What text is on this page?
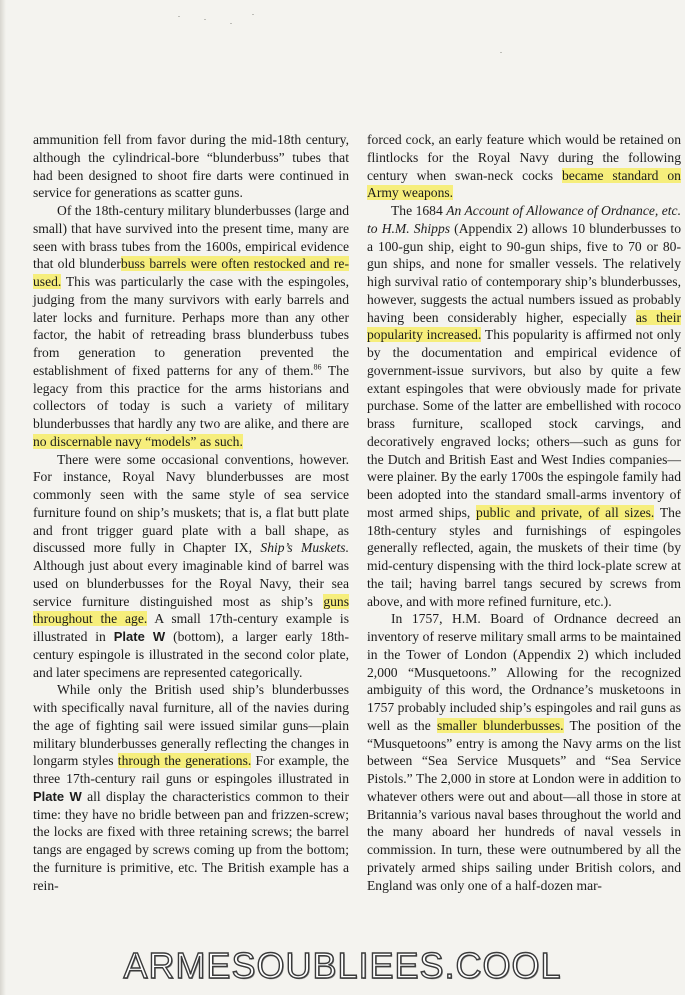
ammunition fell from favor during the mid-18th century, although the cylindrical-bore “blunderbuss” tubes that had been designed to shoot fire darts were continued in service for generations as scatter guns.

Of the 18th-century military blunderbusses (large and small) that have survived into the present time, many are seen with brass tubes from the 1600s, empirical evidence that old blunderbuss barrels were often restocked and re-used. This was particularly the case with the espingoles, judging from the many survivors with early barrels and later locks and furniture. Perhaps more than any other factor, the habit of retreading brass blunderbuss tubes from generation to generation prevented the establishment of fixed patterns for any of them.$^{86}$ The legacy from this practice for the arms historians and collectors of today is such a variety of military blunderbusses that hardly any two are alike, and there are no discernable navy “models” as such.

There were some occasional conventions, however. For instance, Royal Navy blunderbusses are most commonly seen with the same style of sea service furniture found on ship’s muskets; that is, a flat butt plate and front trigger guard plate with a ball shape, as discussed more fully in Chapter IX, Ship’s Muskets. Although just about every imaginable kind of barrel was used on blunderbusses for the Royal Navy, their sea service furniture distinguished most as ship’s guns throughout the age. A small 17th-century example is illustrated in Plate W (bottom), a larger early 18th-century espingole is illustrated in the second color plate, and later specimens are represented categorically.

While only the British used ship’s blunderbusses with specifically naval furniture, all of the navies during the age of fighting sail were issued similar guns—plain military blunderbusses generally reflecting the changes in longarm styles through the generations. For example, the three 17th-century rail guns or espingoles illustrated in Plate W all display the characteristics common to their time: they have no bridle between pan and frizzen-screw; the locks are fixed with three retaining screws; the barrel tangs are engaged by screws coming up from the bottom; the furniture is primitive, etc. The British example has a rein-

forced cock, an early feature which would be retained on flintlocks for the Royal Navy during the following century when swan-neck cocks became standard on Army weapons.

The 1684 An Account of Allowance of Ordnance, etc. to H.M. Shipps (Appendix 2) allows 10 blunderbusses to a 100-gun ship, eight to 90-gun ships, five to 70 or 80-gun ships, and none for smaller vessels. The relatively high survival ratio of contemporary ship’s blunderbusses, however, suggests the actual numbers issued as probably having been considerably higher, especially as their popularity increased. This popularity is affirmed not only by the documentation and empirical evidence of government-issue survivors, but also by quite a few extant espingoles that were obviously made for private purchase. Some of the latter are embellished with rococo brass furniture, scalloped stock carvings, and decoratively engraved locks; others—such as guns for the Dutch and British East and West Indies companies—were plainer. By the early 1700s the espingole family had been adopted into the standard small-arms inventory of most armed ships, public and private, of all sizes. The 18th-century styles and furnishings of espingoles generally reflected, again, the muskets of their time (by mid-century dispensing with the third lock-plate screw at the tail; having barrel tangs secured by screws from above, and with more refined furniture, etc.).

In 1757, H.M. Board of Ordnance decreed an inventory of reserve military small arms to be maintained in the Tower of London (Appendix 2) which included 2,000 “Musquetoons.” Allowing for the recognized ambiguity of this word, the Ordnance’s musketoons in 1757 probably included ship’s espingoles and rail guns as well as the smaller blunderbusses. The position of the “Musquetoons” entry is among the Navy arms on the list between “Sea Service Musquets” and “Sea Service Pistols.” The 2,000 in store at London were in addition to whatever others were out and about—all those in store at Britannia’s various naval bases throughout the world and the many aboard her hundreds of naval vessels in commission. In turn, these were outnumbered by all the privately armed ships sailing under British colors, and England was only one of a half-dozen mar-

ARMESOUBLIEES.COOL
